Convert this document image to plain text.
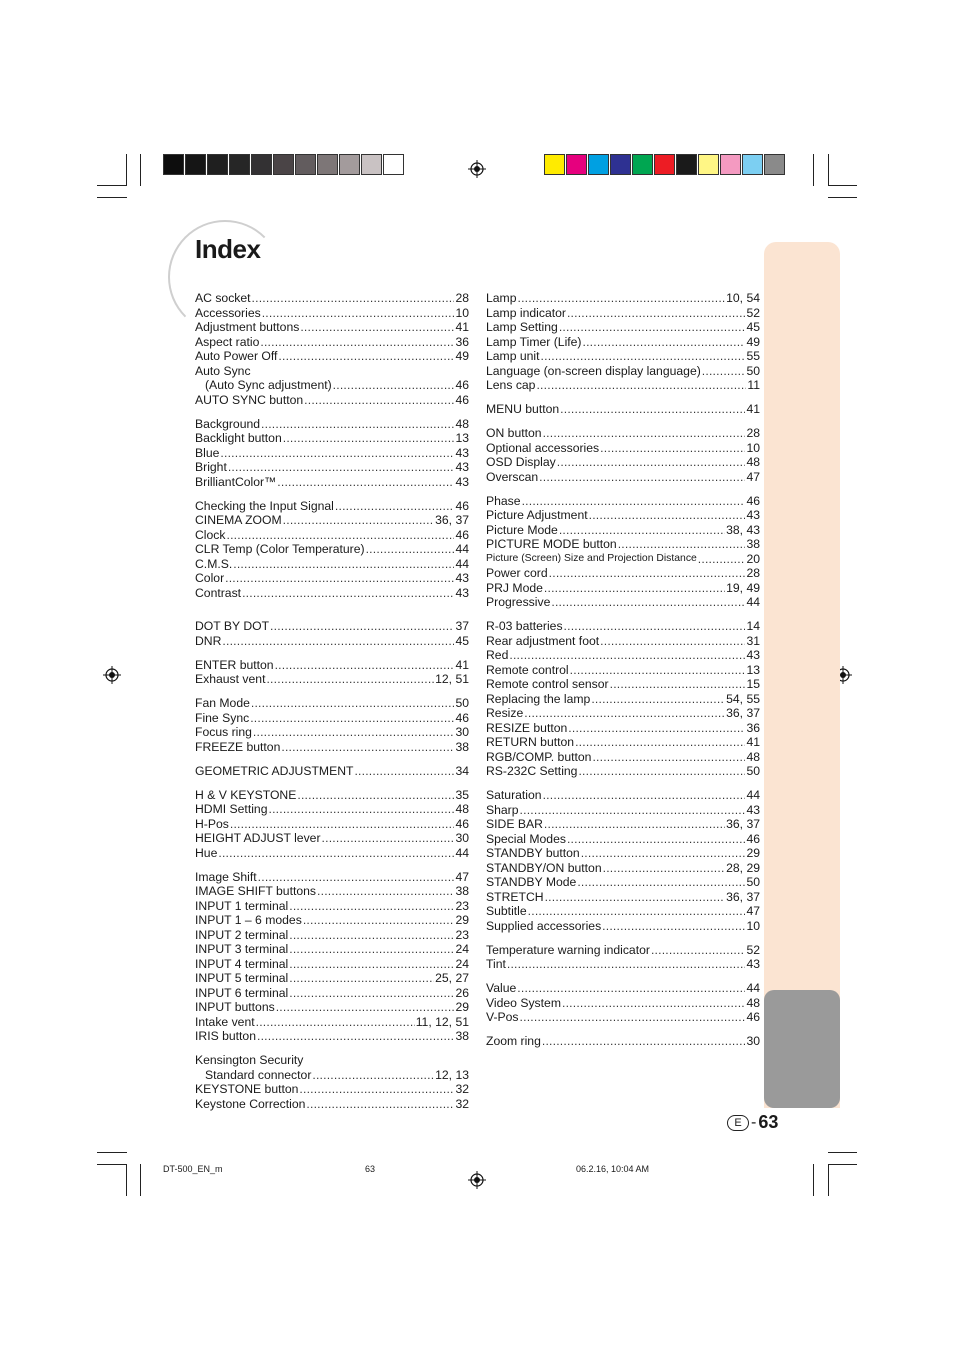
Appendix
Index
AC socket .....	28
Accessories .....	10
Adjustment buttons .....	41
Aspect ratio .....	36
Auto Power Off .....	49
Auto Sync
(Auto Sync adjustment) .....	46
AUTO SYNC button .....	46
Background .....	48
Backlight button .....	13
Blue .....	43
Bright .....	43
BrilliantColor™ .....	43
Checking the Input Signal .....	46
CINEMA ZOOM .....	36, 37
Clock .....	46
CLR Temp (Color Temperature) .....	44
C.M.S. .....	44
Color .....	43
Contrast .....	43
DOT BY DOT .....	37
DNR .....	45
ENTER button .....	41
Exhaust vent .....	12, 51
Fan Mode .....	50
Fine Sync .....	46
Focus ring .....	30
FREEZE button .....	38
GEOMETRIC ADJUSTMENT .....	34
H & V KEYSTONE .....	35
HDMI Setting .....	48
H-Pos .....	46
HEIGHT ADJUST lever .....	30
Hue .....	44
Image Shift .....	47
IMAGE SHIFT buttons .....	38
INPUT 1 terminal .....	23
INPUT 1 – 6 modes .....	29
INPUT 2 terminal .....	23
INPUT 3 terminal .....	24
INPUT 4 terminal .....	24
INPUT 5 terminal .....	25, 27
INPUT 6 terminal .....	26
INPUT buttons .....	29
Intake vent .....	11, 12, 51
IRIS button .....	38
Kensington Security
Standard connector .....	12, 13
KEYSTONE button .....	32
Keystone Correction .....	32
Lamp .....	10, 54
Lamp indicator .....	52
Lamp Setting .....	45
Lamp Timer (Life) .....	49
Lamp unit .....	55
Language (on-screen display language) .....	50
Lens cap .....	11
MENU button .....	41
ON button .....	28
Optional accessories .....	10
OSD Display .....	48
Overscan .....	47
Phase .....	46
Picture Adjustment .....	43
Picture Mode .....	38, 43
PICTURE MODE button .....	38
Picture (Screen) Size and Projection Distance .....	20
Power cord .....	28
PRJ Mode .....	19, 49
Progressive .....	44
R-03 batteries .....	14
Rear adjustment foot .....	31
Red .....	43
Remote control .....	13
Remote control sensor .....	15
Replacing the lamp .....	54, 55
Resize .....	36, 37
RESIZE button .....	36
RETURN button .....	41
RGB/COMP. button .....	48
RS-232C Setting .....	50
Saturation .....	44
Sharp .....	43
SIDE BAR .....	36, 37
Special Modes .....	46
STANDBY button .....	29
STANDBY/ON button .....	28, 29
STANDBY Mode .....	50
STRETCH .....	36, 37
Subtitle .....	47
Supplied accessories .....	10
Temperature warning indicator .....	52
Tint .....	43
Value .....	44
Video System .....	48
V-Pos .....	46
Zoom ring .....	30
E - 63
DT-500_EN_m	63	06.2.16, 10:04 AM
